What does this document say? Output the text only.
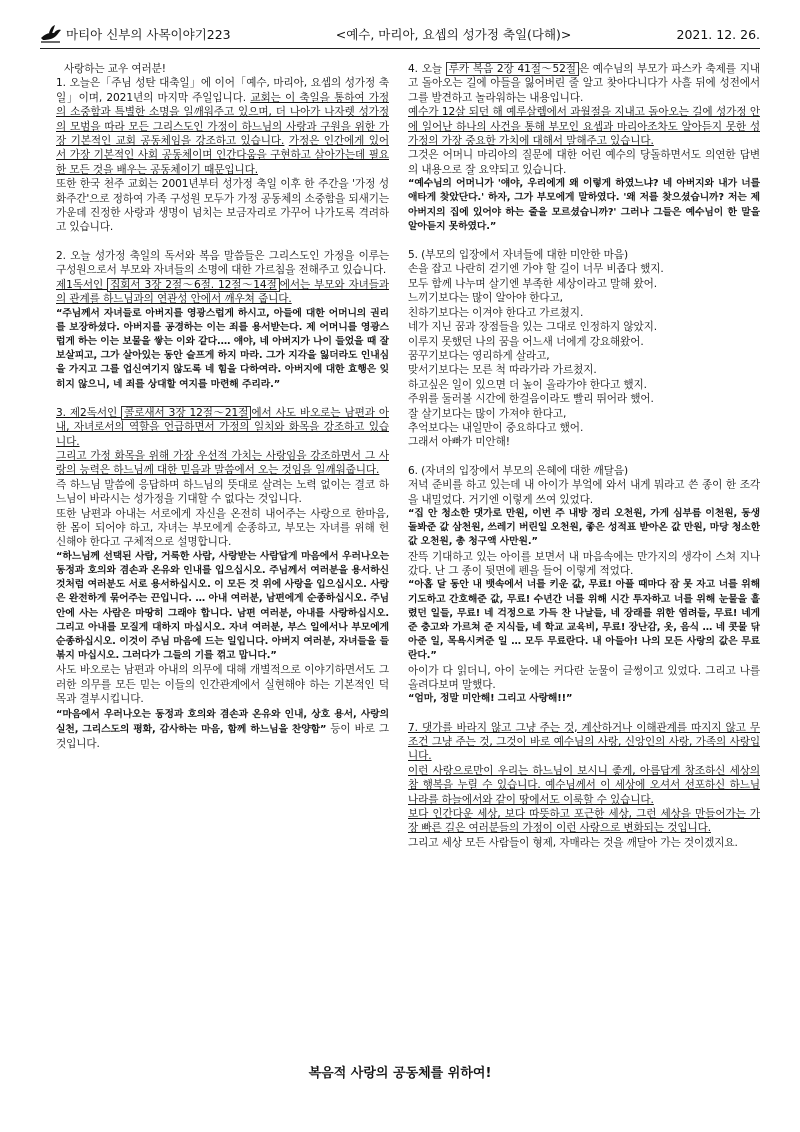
마티아 신부의 사목이야기223	<예수, 마리아, 요셉의 성가정 축일(다해)>	2021. 12. 26.

사랑하는 교우 여러분!

1. 오늘은「주님 성탄 대축일」에 이어「예수, 마리아, 요셉의 성가정 축일」이며, 2021년의 마지막 주일입니다. 교회는 이 축일을 통하여 가정의 소중함과 특별한 소명을 일깨워주고 있으며, 더 나아가 나자렛 성가정의 모범을 따라 모든 그리스도인 가정이 하느님의 사랑과 구원을 위한 가장 기본적인 교회 공동체임을 강조하고 있습니다. 가정은 인간에게 있어서 가장 기본적인 사회 공동체이며 인간다움을 구현하고 살아가는데 필요한 모든 것을 배우는 공동체이기 때문입니다.

또한 한국 천주 교회는 2001년부터 성가정 축일 이후 한 주간을 '가정 성화주간'으로 정하여 가족 구성원 모두가 가정 공동체의 소중함을 되새기는 가운데 진정한 사랑과 생명이 넘치는 보금자리로 가꾸어 나가도록 격려하고 있습니다.

2. 오늘 성가정 축일의 독서와 복음 말씀들은 그리스도인 가정을 이루는 구성원으로서 부모와 자녀들의 소명에 대한 가르침을 전해주고 있습니다.

제1독서인 집회서 3장 2절～6절. 12절～14절 에서는 부모와 자녀들과의 관계를 하느님과의 연관성 안에서 깨우쳐 줍니다.

“주님께서 자녀들로 아버지를 영광스럽게 하시고, 아들에 대한 어머니의 권리를 보장하셨다. 아버지를 공경하는 이는 죄를 용서받는다. 제 어머니를 영광스럽게 하는 이는 보물을 쌓는 이와 같다.… 얘야, 네 아버지가 나이 들었을 때 잘 보살피고, 그가 살아있는 동안 슬프게 하지 마라. 그가 지각을 잃더라도 인내심을 가지고 그를 업신여기지 않도록 네 힘을 다하여라. 아버지에 대한 효행은 잊히지 않으니, 네 죄를 상대할 여지를 마련해 주리라.”

3. 제2독서인 콜로새서 3장 12절～21절 에서 사도 바오로는 남편과 아내, 자녀로서의 역할을 언급하면서 가정의 일치와 화목을 강조하고 있습니다.

그리고 가정 화목을 위해 가장 우선적 가치는 사랑임을 강조하면서 그 사랑의 능력은 하느님께 대한 믿음과 말씀에서 오는 것임을 일깨워줍니다.

즉 하느님 말씀에 응답하며 하느님의 뜻대로 살려는 노력 없이는 결코 하느님이 바라시는 성가정을 기대할 수 없다는 것입니다.

또한 남편과 아내는 서로에게 자신을 온전히 내어주는 사랑으로 한마음, 한 몸이 되어야 하고, 자녀는 부모에게 순종하고, 부모는 자녀를 위해 헌신해야 한다고 구체적으로 설명합니다.

“하느님께 선택된 사람, 거룩한 사람, 사랑받는 사람답게 마음에서 우러나오는 동정과 호의와 겸손과 온유와 인내를 입으십시오. 주님께서 여러분을 용서하신 것처럼 여러분도 서로 용서하십시오. 이 모든 것 위에 사랑을 입으십시오. 사랑은 완전하게 묶어주는 끈입니다. … 아내 여러분, 남편에게 순종하십시오. 주님 안에 사는 사람은 마땅히 그래야 합니다. 남편 여러분, 아내를 사랑하십시오. 그리고 아내를 모질게 대하지 마십시오. 자녀 여러분, 부스 일에서나 부모에게 순종하십시오. 이것이 주님 마음에 드는 일입니다. 아버지 여러분, 자녀들을 들볶지 마십시오. 그러다가 그들의 기를 꺾고 맙니다.”

사도 바오로는 남편과 아내의 의무에 대해 개별적으로 이야기하면서도 그러한 의무를 모든 믿는 이들의 인간관계에서 실현해야 하는 기본적인 덕목과 결부시킵니다.

“마음에서 우러나오는 동정과 호의와 겸손과 온유와 인내, 상호 용서, 사랑의 실천, 그리스도의 평화, 감사하는 마음, 함께 하느님을 찬양함” 등이 바로 그것입니다.

4. 오늘 루카 복음 2장 41절～52절 은 예수님의 부모가 파스카 축제를 지내고 돌아오는 길에 아들을 잃어버린 줄 알고 찾아다니다가 사흘 뒤에 성전에서 그를 발견하고 놀라워하는 내용입니다.

예수가 12살 되던 해 예루살렘에서 과월절을 지내고 돌아오는 길에 성가정 안에 일어난 하나의 사건을 통해 부모인 요셉과 마리아조차도 알아듣지 못한 성가정의 가장 중요한 가치에 대해서 말해주고 있습니다.

그것은 어머니 마리아의 질문에 대한 어린 예수의 당돌하면서도 의연한 답변의 내용으로 잘 요약되고 있습니다.

“예수님의 어머니가 '얘야, 우리에게 왜 이렇게 하였느냐? 네 아버지와 내가 너를 애타게 찾았단다.' 하자, 그가 부모에게 말하였다. '왜 저를 찾으셨습니까? 저는 제 아버지의 집에 있어야 하는 줄을 모르셨습니까?' 그러나 그들은 예수님이 한 말을 알아듣지 못하였다.”

5. (부모의 입장에서 자녀들에 대한 미안한 마음)

손을 잡고 나란히 걷기엔 가야 할 길이 너무 비좁다 했지.

모두 함께 나누며 살기엔 부족한 세상이라고 말해 왔어.

느끼기보다는 많이 알아야 한다고,

친하기보다는 이겨야 한다고 가르쳤지.

네가 지닌 꿈과 장점들을 있는 그대로 인정하지 않았지.

이루지 못했던 나의 꿈을 어느새 너에게 강요해왔어.

꿈꾸기보다는 영리하게 살라고,

맞서기보다는 모른 척 따라가라 가르쳤지.

하고싶은 일이 있으면 더 높이 올라가야 한다고 했지.

주위를 둘러볼 시간에 한걸음이라도 빨리 뛰어라 했어.

잘 살기보다는 많이 가져야 한다고,

추억보다는 내일만이 중요하다고 했어.

그래서 아빠가 미안해!

6. (자녀의 입장에서 부모의 은혜에 대한 깨달음)

저녁 준비를 하고 있는데 내 아이가 부엌에 와서 내게 뭐라고 쓴 종이 한 조각을 내밀었다. 거기엔 이렇게 쓰여 있었다.

“집 안 청소한 댓가로 만원, 이번 주 내방 정리 오천원, 가게 심부름 이천원, 동생 돌봐준 값 삼천원, 쓰레기 버린일 오천원, 좋은 성적표 받아온 값 만원, 마당 청소한 값 오천원, 총 청구액 사만원.”

잔뜩 기대하고 있는 아이를 보면서 내 마음속에는 만가지의 생각이 스쳐 지나갔다. 난 그 종이 뒷면에 펜을 들어 이렇게 적었다.

“아홉 달 동안 내 뱃속에서 너를 키운 값, 무료! 아플 때마다 잠 못 자고 너를 위해 기도하고 간호해준 값, 무료! 수년간 너를 위해 시간 투자하고 너를 위해 눈물을 흘렸던 일들, 무료! 네 걱정으로 가득 찬 나날들, 네 장래를 위한 염려들, 무료! 네게 준 충고와 가르쳐 준 지식들, 네 학교 교육비, 무료! 장난감, 옷, 음식 … 네 콧물 닦아준 일, 목욕시켜준 일 … 모두 무료란다. 내 아들아! 나의 모든 사랑의 값은 무료란다.”

아이가 다 읽더니, 아이 눈에는 커다란 눈물이 글썽이고 있었다. 그리고 나를 올려다보며 말했다.

“엄마, 정말 미안해! 그리고 사랑해!!”

7. 댓가를 바라지 않고 그냥 주는 것, 계산하거나 이해관계를 따지지 않고 무조건 그냥 주는 것, 그것이 바로 예수님의 사랑, 신앙인의 사랑, 가족의 사랑입니다.

이런 사랑으로만이 우리는 하느님이 보시니 좋게, 아름답게 창조하신 세상의 참 행복을 누릴 수 있습니다. 예수님께서 이 세상에 오셔서 선포하신 하느님 나라를 하늘에서와 같이 땅에서도 이룩할 수 있습니다.

보다 인간다운 세상, 보다 따뜻하고 포근한 세상, 그런 세상을 만들어가는 가장 빠른 길은 여러분들의 가정이 이런 사랑으로 변화되는 것입니다.

그리고 세상 모든 사람들이 형제, 자매라는 것을 깨달아 가는 것이겠지요.

복음적 사랑의 공동체를 위하여!
